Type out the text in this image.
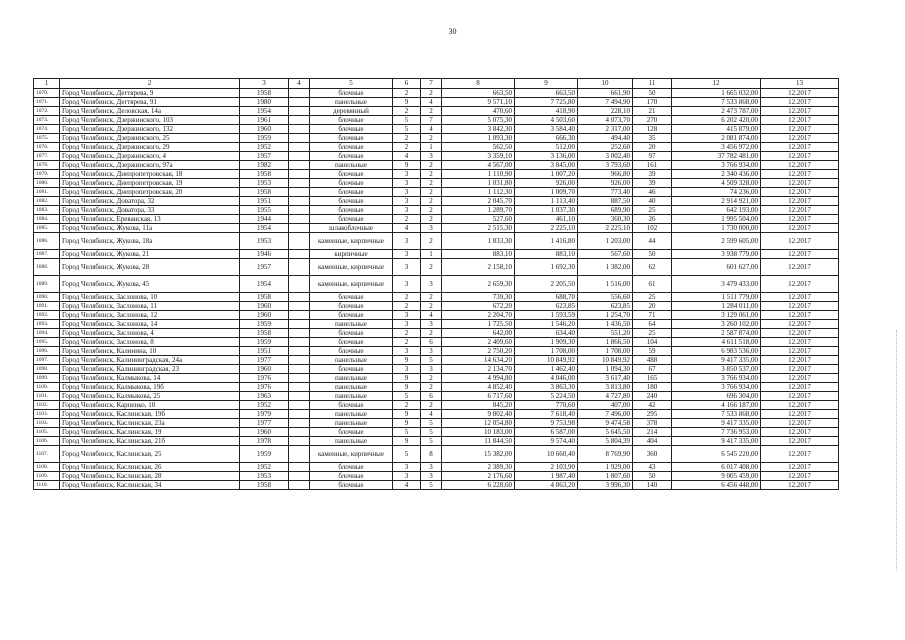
30
1	2	3	4	5	6	7	8	9	10	11	12	13
1070.	Город Челябинск, Дегтярева, 9	1958		блочные	2	2	663,50	663,50	661,90	50	1 665 032,00	12.2017
1071.	Город Челябинск, Дегтярева, 91	1980		панельные	9	4	9 571,10	7 725,80	7 494,90	170	7 533 868,00	12.2017
1072.	Город Челябинск, Деловская, 14а	1954		деревянный	2	2	470,60	418,90	228,10	21	2 473 787,00	12.2017
1073.	Город Челябинск, Дзержинского, 103	1961		блочные	5	7	5 075,30	4 503,60	4 073,70	270	6 202 420,00	12.2017
1074.	Город Челябинск, Дзержинского, 132	1960		блочные	5	4	3 842,30	3 584,40	2 317,00	128	415 879,00	12.2017
1075.	Город Челябинск, Дзержинского, 25	1959		блочные	2	2	1 093,30	666,30	494,40	35	2 081 874,00	12.2017
1076.	Город Челябинск, Дзержинского, 29	1952		блочные	2	1	562,50	512,00	252,60	20	3 456 972,00	12.2017
1077.	Город Челябинск, Дзержинского, 4	1957		блочные	4	3	3 359,10	3 136,00	3 002,40	97	37 782 481,00	12.2017
1078.	Город Челябинск, Дзержинского, 97а	1982		панельные	9	2	4 567,00	3 845,00	3 793,60	161	3 766 934,00	12.2017
1079.	Город Челябинск, Днепропетровская, 18	1958		блочные	3	2	1 110,90	1 007,20	966,80	39	2 340 436,00	12.2017
1080.	Город Челябинск, Днепропетровская, 19	1953		блочные	3	2	1 031,80	926,00	926,00	39	4 509 328,00	12.2017
1081.	Город Челябинск, Днепропетровская, 20	1958		блочные	3	2	1 112,30	1 009,70	773,40	46	74 236,00	12.2017
1082.	Город Челябинск, Доватора, 32	1951		блочные	3	2	2 045,70	1 113,40	887,50	40	2 914 921,00	12.2017
1083.	Город Челябинск, Доватора, 33	1955		блочные	3	2	1 289,70	1 037,30	689,90	25	642 193,00	12.2017
1084.	Город Челябинск, Ереванская, 13	1944		блочные	2	2	527,60	461,10	360,30	26	1 995 504,00	12.2017
1085.	Город Челябинск, Жукова, 11а	1954		шлакоблочные	4	3	2 515,30	2 225,10	2 225,10	102	1 730 000,00	12.2017
1086.	Город Челябинск, Жукова, 18а	1953		каменные, кирпичные	3	2	1 833,30	1 416,80	1 203,00	44	2 599 605,00	12.2017
1087.	Город Челябинск, Жукова, 21	1946		кирпичные	3	1	883,10	883,10	567,60	50	3 938 779,00	12.2017
1088.	Город Челябинск, Жукова, 28	1957		каменные, кирпичные	3	2	2 158,10	1 692,30	1 382,00	62	601 627,00	12.2017
1089.	Город Челябинск, Жукова, 45	1954		каменные, кирпичные	3	3	2 659,30	2 205,50	1 516,00	61	3 479 433,00	12.2017
1090.	Город Челябинск, Заслонова, 10	1958		блочные	2	2	739,30	688,70	556,60	25	1 511 779,00	12.2017
1091.	Город Челябинск, Заслонова, 11	1960		блочные	2	2	672,20	623,85	623,85	20	1 284 011,00	12.2017
1092.	Город Челябинск, Заслонова, 12	1960		блочные	3	4	2 204,70	1 593,59	1 254,70	71	3 129 061,00	12.2017
1093.	Город Челябинск, Заслонова, 14	1959		панельные	3	3	1 725,50	1 546,20	1 436,50	64	3 260 102,00	12.2017
1094.	Город Челябинск, Заслонова, 4	1958		блочные	2	2	642,00	634,40	551,20	25	2 587 874,00	12.2017
1095.	Город Челябинск, Заслонова, 8	1959		блочные	2	6	2 409,60	1 909,30	1 866,50	104	4 611 518,00	12.2017
1096.	Город Челябинск, Калинина, 10	1951		блочные	3	3	2 750,20	1 708,00	1 708,00	59	6 983 536,00	12.2017
1097.	Город Челябинск, Калининградская, 24а	1977		панельные	9	5	14 634,20	10 849,92	10 849,92	488	9 417 335,00	12.2017
1098.	Город Челябинск, Калининградская, 23	1960		блочные	3	3	2 134,70	1 462,40	1 094,30	67	3 850 537,00	12.2017
1099.	Город Челябинск, Калмыкова, 14	1976		панельные	9	2	4 994,80	4 046,00	3 617,40	165	3 766 934,00	12.2017
1100.	Город Челябинск, Калмыкова, 19б	1976		панельные	9	2	4 852,40	3 863,30	3 813,80	180	3 766 934,00	12.2017
1101.	Город Челябинск, Калмыкова, 25	1963		панельные	5	6	6 717,60	5 224,50	4 727,80	240	696 304,00	12.2017
1102.	Город Челябинск, Карпенко, 10	1952		блочные	2	2	845,20	770,60	407,00	42	4 166 187,00	12.2017
1103.	Город Челябинск, Каслинская, 19б	1979		панельные	9	4	9 802,40	7 618,40	7 496,00	295	7 533 868,00	12.2017
1104.	Город Челябинск, Каслинская, 23а	1977		панельные	9	5	12 054,80	9 753,98	9 474,58	378	9 417 335,00	12.2017
1105.	Город Челябинск, Каслинская, 19	1960		блочные	5	5	10 183,00	6 587,00	5 645,50	214	7 736 953,00	12.2017
1106.	Город Челябинск, Каслинская, 21б	1978		панельные	9	5	11 844,50	9 574,40	5 804,39	404	9 417 335,00	12.2017
1107.	Город Челябинск, Каслинская, 25	1959		каменные, кирпичные	5	8	15 382,00	10 660,40	8 769,90	360	6 545 220,00	12.2017
1108.	Город Челябинск, Каслинская, 26	1952		блочные	3	3	2 389,30	2 103,90	1 929,00	43	6 017 408,00	12.2017
1109.	Город Челябинск, Каслинская, 28	1953		блочные	3	3	2 176,60	1 987,40	1 807,60	50	9 005 459,00	12.2017
1110.	Город Челябинск, Каслинская, 34	1958		блочные	4	5	6 228,60	4 863,20	3 996,30	140	6 456 448,00	12.2017
